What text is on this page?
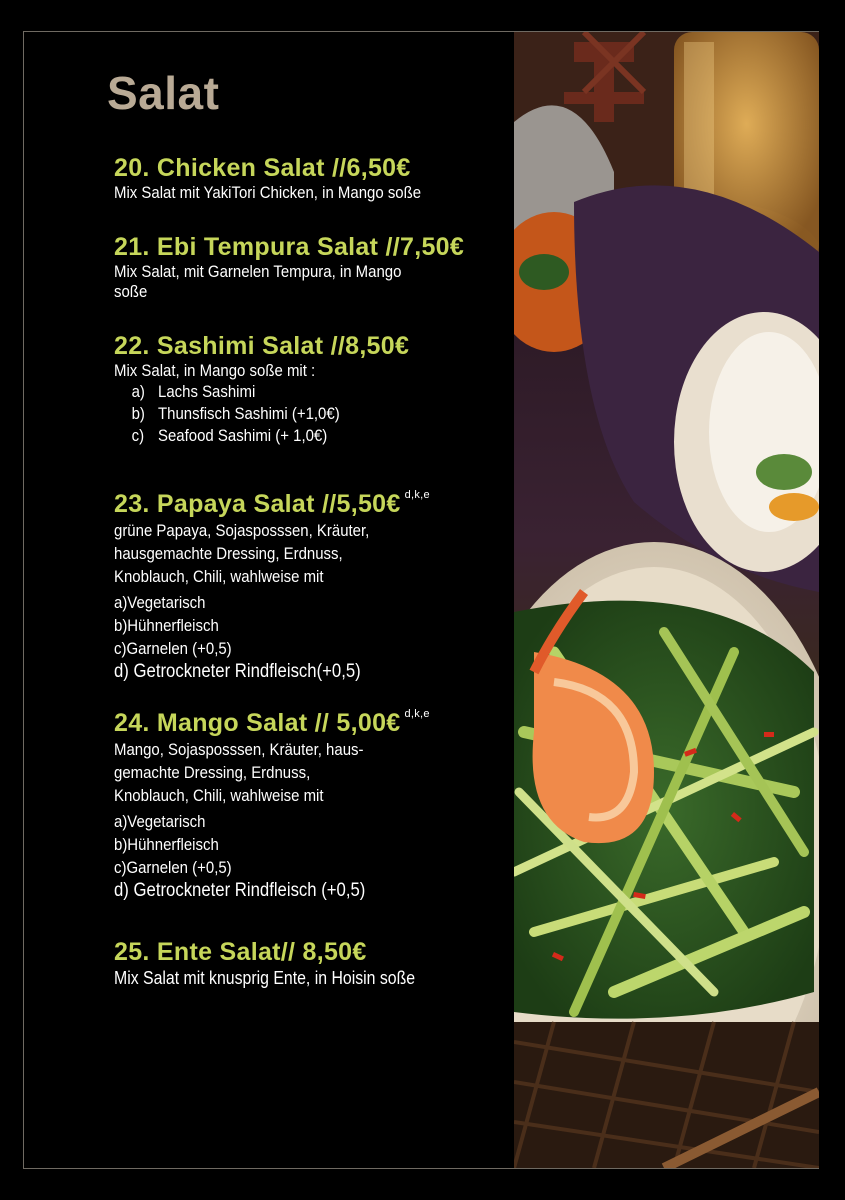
Salat
20. Chicken Salat //6,50€
Mix Salat mit YakiTori Chicken, in Mango soße
21. Ebi Tempura Salat //7,50€
Mix Salat, mit Garnelen Tempura, in Mango
soße
22. Sashimi Salat //8,50€
Mix Salat, in Mango soße mit :
a) Lachs Sashimi
b) Thunsfisch Sashimi (+1,0€)
c) Seafood Sashimi (+ 1,0€)
23. Papaya Salat //5,50€ $^{d,k,e}$
grüne Papaya, Sojasposssen, Kräuter,
hausgemachte Dressing, Erdnuss,
Knoblauch, Chili, wahlweise mit
a)Vegetarisch
b)Hühnerfleisch
c)Garnelen (+0,5)
d) Getrockneter Rindfleisch(+0,5)
24. Mango Salat // 5,00€ $^{d,k,e}$
Mango, Sojasposssen, Kräuter, haus-
gemachte Dressing, Erdnuss,
Knoblauch, Chili, wahlweise mit
a)Vegetarisch
b)Hühnerfleisch
c)Garnelen (+0,5)
d) Getrockneter Rindfleisch (+0,5)
25. Ente Salat// 8,50€
Mix Salat mit knusprig Ente, in Hoisin soße
